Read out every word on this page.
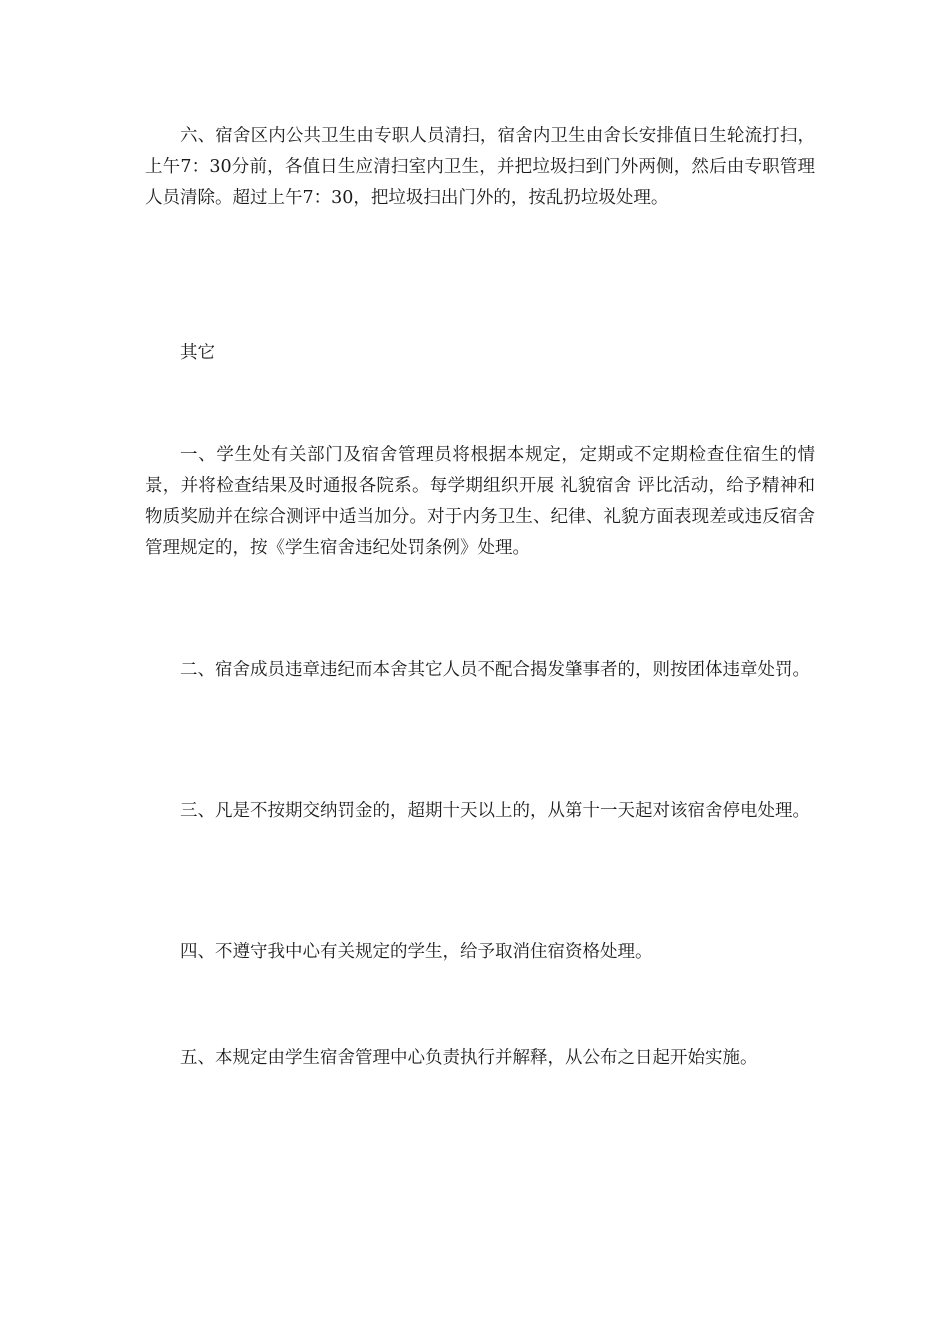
六、宿舍区内公共卫生由专职人员清扫，宿舍内卫生由舍长安排值日生轮流打扫，上午7：30分前，各值日生应清扫室内卫生，并把垃圾扫到门外两侧，然后由专职管理人员清除。超过上午7：30，把垃圾扫出门外的，按乱扔垃圾处理。

其它

一、学生处有关部门及宿舍管理员将根据本规定，定期或不定期检查住宿生的情景，并将检查结果及时通报各院系。每学期组织开展 礼貌宿舍 评比活动，给予精神和物质奖励并在综合测评中适当加分。对于内务卫生、纪律、礼貌方面表现差或违反宿舍管理规定的，按《学生宿舍违纪处罚条例》处理。

二、宿舍成员违章违纪而本舍其它人员不配合揭发肇事者的，则按团体违章处罚。

三、凡是不按期交纳罚金的，超期十天以上的，从第十一天起对该宿舍停电处理。

四、不遵守我中心有关规定的学生，给予取消住宿资格处理。

五、本规定由学生宿舍管理中心负责执行并解释，从公布之日起开始实施。
